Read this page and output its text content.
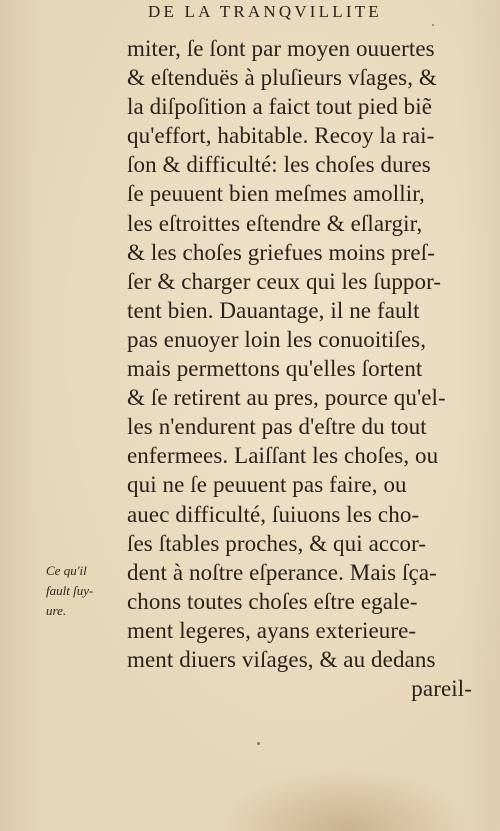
DE LA TRANQVILLITE
miter, ſe ſont par moyen ouuertes
& eſtenduës à pluſieurs vſages, &
la diſpoſition a faict tout pied biẽ
qu'effort, habitable. Recoy la rai-
ſon & difficulté: les choſes dures
ſe peuuent bien meſmes amollir,
les eſtroittes eſtendre & eſlargir,
& les choſes griefues moins preſ-
ſer & charger ceux qui les ſuppor-
tent bien. Dauantage, il ne fault
pas enuoyer loin les conuoitiſes,
mais permettons qu'elles ſortent
& ſe retirent au pres, pource qu'el-
les n'endurent pas d'eſtre du tout
enfermees. Laiſſant les choſes, ou
qui ne ſe peuuent pas faire, ou
auec difficulté, ſuiuons les cho-
ſes ſtables proches, & qui accor-
dent à noſtre eſperance. Mais ſça-
chons toutes choſes eſtre egale-
ment legeres, ayans exterieure-
ment diuers viſages, & au dedans
pareil-
Ce qu'il
fault ſuy-
ure.
